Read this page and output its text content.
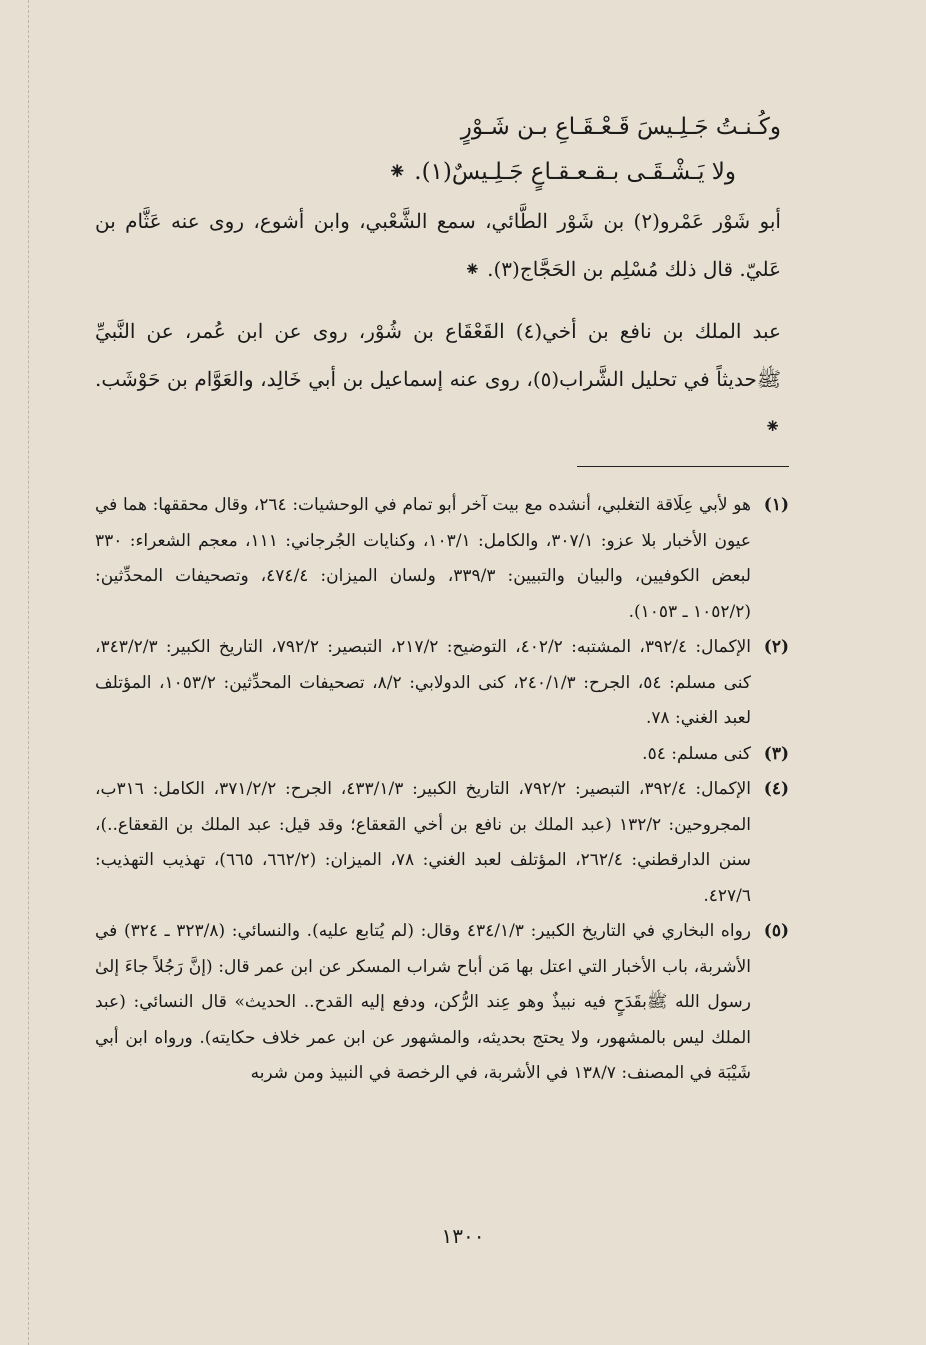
وكُـنـتُ جَـلِـيسَ قَـعْـقَـاعِ بـن شَـوْرٍ
ولا يَـشْـقَـى بـقـعـقـاعٍ جَـلِـيسٌ(١). ⁕

أبو شَوْر عَمْرو(٢) بن شَوْر الطَّائي، سمع الشَّعْبي، وابن أشوع، روى عنه عَثَّام بن عَليّ. قال ذلك مُسْلِم بن الحَجَّاج(٣). ⁕

عبد الملك بن نافع بن أخي(٤) القَعْقَاع بن شُوْر، روى عن ابن عُمر، عن النَّبيِّ ﷺحديثاً في تحليل الشَّراب(٥)، روى عنه إسماعيل بن أبي خَالِد، والعَوَّام بن حَوْشَب. ⁕

(١)
هو لأبي عِلَاقة التغلبي، أنشده مع بيت آخر أبو تمام في الوحشيات: ٢٦٤، وقال محققها: هما في عيون الأخبار بلا عزو: ٣٠٧/١، والكامل: ١٠٣/١، وكنايات الجُرجاني: ١١١، معجم الشعراء: ٣٣٠ لبعض الكوفيين، والبيان والتبيين: ٣٣٩/٣، ولسان الميزان: ٤٧٤/٤، وتصحيفات المحدِّثين: (١٠٥٢/٢ ـ ١٠٥٣).
(٢)
الإكمال: ٣٩٢/٤، المشتبه: ٤٠٢/٢، التوضيح: ٢١٧/٢، التبصير: ٧٩٢/٢، التاريخ الكبير: ٣٤٣/٢/٣، كنى مسلم: ٥٤، الجرح: ٢٤٠/١/٣، كنى الدولابي: ٨/٢، تصحيفات المحدِّثين: ١٠٥٣/٢، المؤتلف لعبد الغني: ٧٨.
(٣)
كنى مسلم: ٥٤.
(٤)
الإكمال: ٣٩٢/٤، التبصير: ٧٩٢/٢، التاريخ الكبير: ٤٣٣/١/٣، الجرح: ٣٧١/٢/٢، الكامل: ٣١٦ب، المجروحين: ١٣٢/٢ (عبد الملك بن نافع بن أخي القعقاع؛ وقد قيل: عبد الملك بن القعقاع..)، سنن الدارقطني: ٢٦٢/٤، المؤتلف لعبد الغني: ٧٨، الميزان: (٦٦٢/٢، ٦٦٥)، تهذيب التهذيب: ٤٢٧/٦.
(٥)
رواه البخاري في التاريخ الكبير: ٤٣٤/١/٣ وقال: (لم يُتابع عليه). والنسائي: (٣٢٣/٨ ـ ٣٢٤) في الأشربة، باب الأخبار التي اعتل بها مَن أباح شراب المسكر عن ابن عمر قال: (إنَّ رَجُلاً جاءَ إلىٰ رسول الله ﷺبقَدَحٍ فيه نبيذٌ وهو عِند الرُّكن، ودفع إليه القدح.. الحديث» قال النسائي: (عبد الملك ليس بالمشهور، ولا يحتج بحديثه، والمشهور عن ابن عمر خلاف حكايته). ورواه ابن أبي شَيْبَة في المصنف: ١٣٨/٧ في الأشربة، في الرخصة في النبيذ ومن شربه
١٣٠٠
